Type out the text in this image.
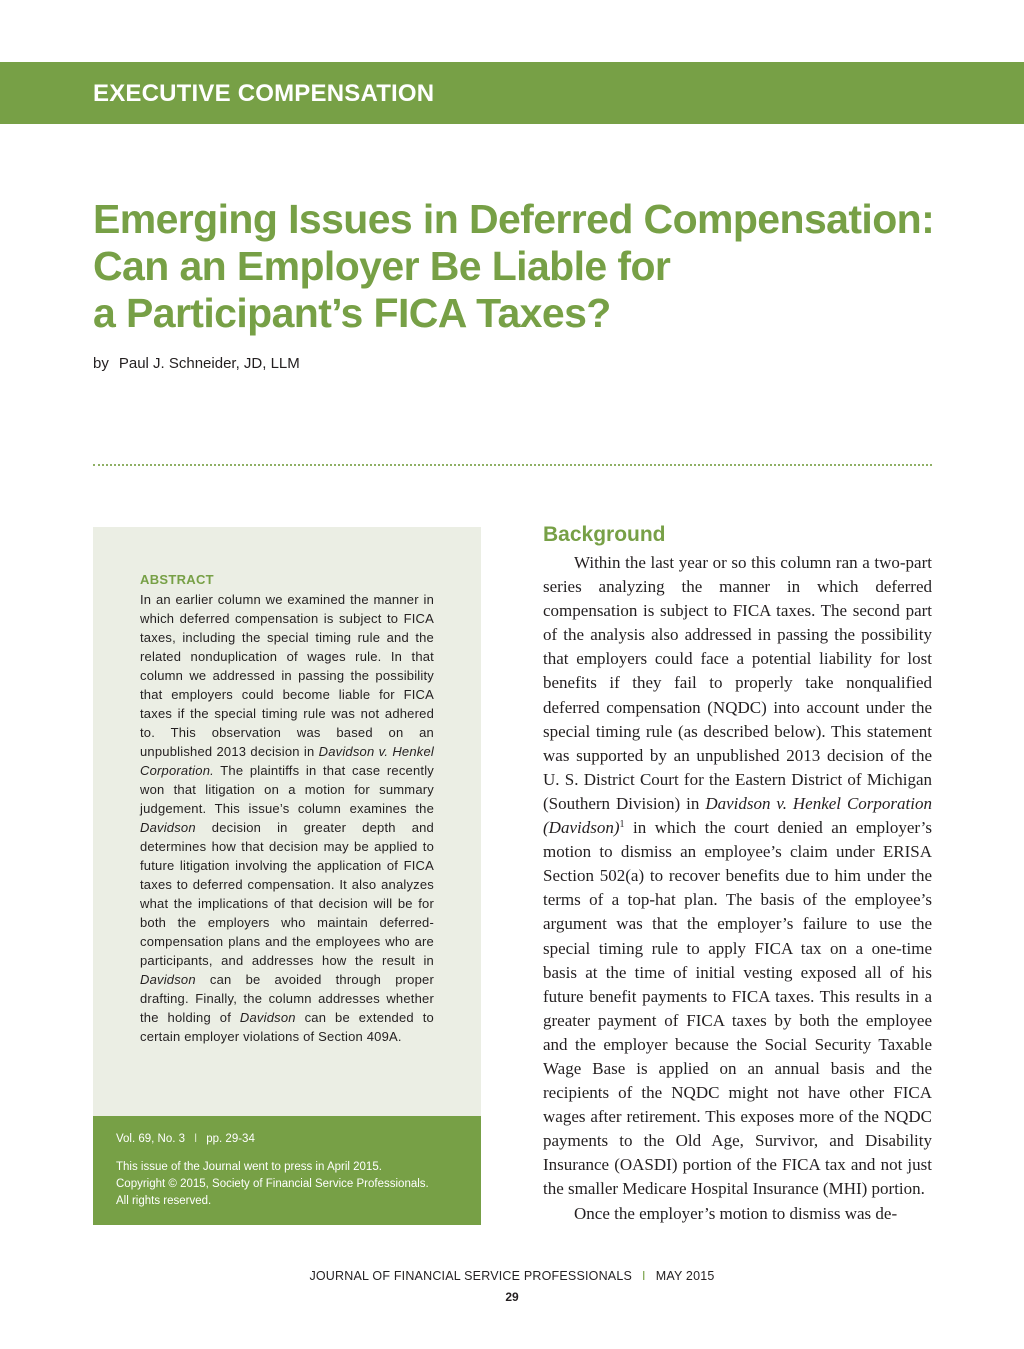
EXECUTIVE COMPENSATION
Emerging Issues in Deferred Compensation:
Can an Employer Be Liable for
a Participant’s FICA Taxes?
by Paul J. Schneider, JD, LLM
ABSTRACT
In an earlier column we examined the manner in which deferred compensation is subject to FICA taxes, including the special timing rule and the related nonduplication of wages rule. In that column we addressed in passing the possibility that employers could become liable for FICA taxes if the special timing rule was not adhered to. This observation was based on an unpublished 2013 decision in Davidson v. Henkel Corporation. The plaintiffs in that case recently won that litigation on a motion for summary judgement. This issue’s column examines the Davidson decision in greater depth and determines how that decision may be applied to future litigation involving the application of FICA taxes to deferred compensation. It also analyzes what the implications of that decision will be for both the employers who maintain deferred-compensation plans and the employees who are participants, and addresses how the result in Davidson can be avoided through proper drafting. Finally, the column addresses whether the holding of Davidson can be extended to certain employer violations of Section 409A.
Vol. 69, No. 3 I pp. 29-34
This issue of the Journal went to press in April 2015.
Copyright © 2015, Society of Financial Service Professionals.
All rights reserved.
Background

Within the last year or so this column ran a two-part series analyzing the manner in which deferred compensation is subject to FICA taxes. The second part of the analysis also addressed in passing the possibility that employers could face a potential liability for lost benefits if they fail to properly take nonqualified deferred compensation (NQDC) into account under the special timing rule (as described below). This statement was supported by an unpublished 2013 decision of the U. S. District Court for the Eastern District of Michigan (Southern Division) in Davidson v. Henkel Corporation (Davidson)$^1$ in which the court denied an employer’s motion to dismiss an employee’s claim under ERISA Section 502(a) to recover benefits due to him under the terms of a top-hat plan. The basis of the employee’s argument was that the employer’s failure to use the special timing rule to apply FICA tax on a one-time basis at the time of initial vesting exposed all of his future benefit payments to FICA taxes. This results in a greater payment of FICA taxes by both the employee and the employer because the Social Security Taxable Wage Base is applied on an annual basis and the recipients of the NQDC might not have other FICA wages after retirement. This exposes more of the NQDC payments to the Old Age, Survivor, and Disability Insurance (OASDI) portion of the FICA tax and not just the smaller Medicare Hospital Insurance (MHI) portion.

Once the employer’s motion to dismiss was de-

JOURNAL OF FINANCIAL SERVICE PROFESSIONALS I MAY 2015
29
